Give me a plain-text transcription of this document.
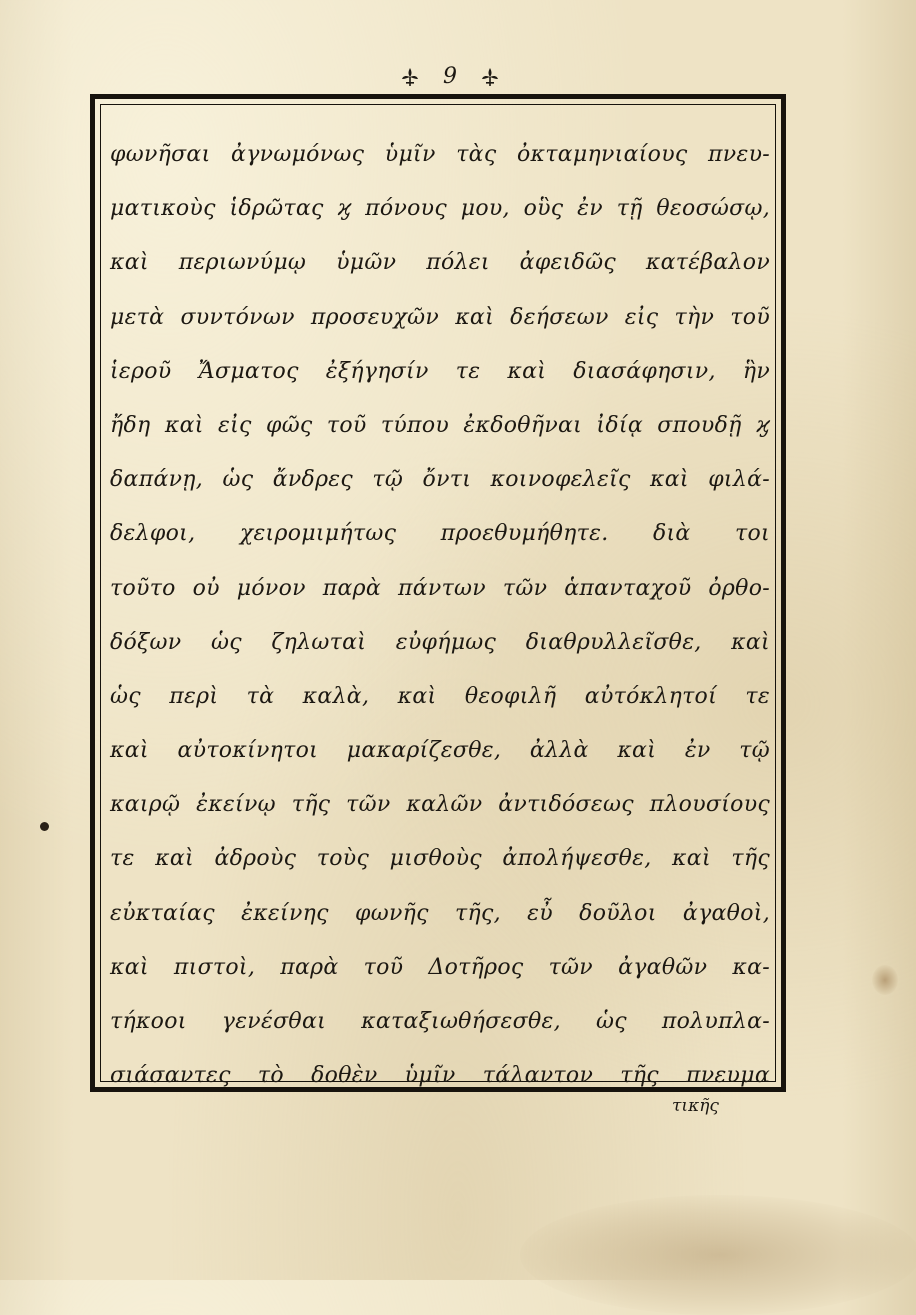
9
φωνῆσαι ἀγνωμόνως ὑμῖν τὰς ὀκταμηνιαίους πνευ-
ματικοὺς ἱδρῶτας ϗ πόνους μου, οὓς ἐν τῇ θεοσώσῳ,
καὶ περιωνύμῳ ὑμῶν πόλει ἀφειδῶς κατέβαλον
μετὰ συντόνων προσευχῶν καὶ δεήσεων εἰς τὴν τοῦ
ἱεροῦ Ἄσματος ἐξήγησίν τε καὶ διασάφησιν, ἣν
ἤδη καὶ εἰς φῶς τοῦ τύπου ἐκδοθῆναι ἰδίᾳ σπουδῇ ϗ
δαπάνῃ, ὡς ἄνδρες τῷ ὄντι κοινοφελεῖς καὶ φιλά-
δελφοι, χειρομιμήτως προεθυμήθητε. διὰ τοι
τοῦτο οὐ μόνον παρὰ πάντων τῶν ἁπανταχοῦ ὀρθο-
δόξων ὡς ζηλωταὶ εὐφήμως διαθρυλλεῖσθε, καὶ
ὡς περὶ τὰ καλὰ, καὶ θεοφιλῆ αὐτόκλητοί τε
καὶ αὐτοκίνητοι μακαρίζεσθε, ἀλλὰ καὶ ἐν τῷ
καιρῷ ἐκείνῳ τῆς τῶν καλῶν ἀντιδόσεως πλουσίους
τε καὶ ἀδροὺς τοὺς μισθοὺς ἀπολήψεσθε, καὶ τῆς
εὐκταίας ἐκείνης φωνῆς τῆς, εὖ δοῦλοι ἀγαθοὶ,
καὶ πιστοὶ, παρὰ τοῦ Δοτῆρος τῶν ἀγαθῶν κα-
τήκοοι γενέσθαι καταξιωθήσεσθε, ὡς πολυπλα-
σιάσαντες τὸ δοθὲν ὑμῖν τάλαντον τῆς πνευμα
τικῆς
